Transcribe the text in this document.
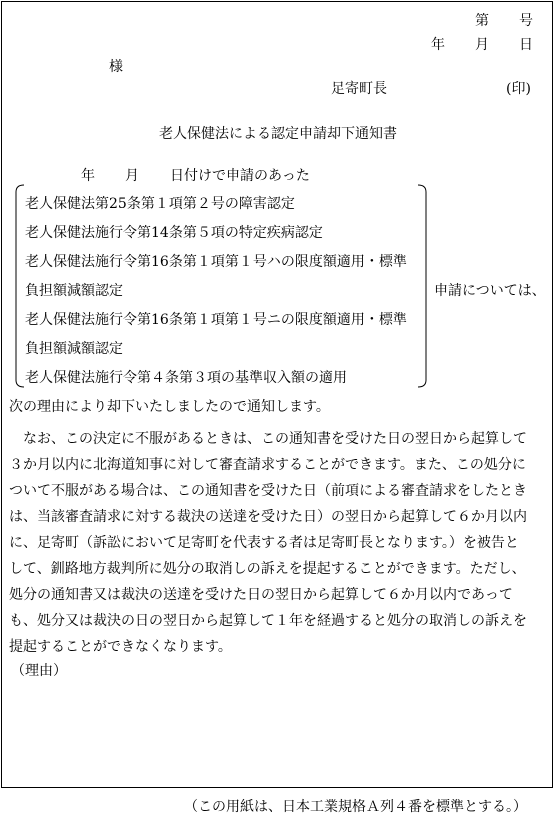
第 号
年 月 日
様
足寄町長	(印)
老人保健法による認定申請却下通知書
年 月 日付けで申請のあった
老人保健法第25条第１項第２号の障害認定
老人保健法施行令第14条第５項の特定疾病認定
老人保健法施行令第16条第１項第１号ハの限度額適用・標準
負担額減額認定
老人保健法施行令第16条第１項第１号ニの限度額適用・標準
負担額減額認定
老人保健法施行令第４条第３項の基準収入額の適用
申請については、
次の理由により却下いたしましたので通知します。
なお、この決定に不服があるときは、この通知書を受けた日の翌日から起算して
３か月以内に北海道知事に対して審査請求することができます。また、この処分に
ついて不服がある場合は、この通知書を受けた日（前項による審査請求をしたとき
は、当該審査請求に対する裁決の送達を受けた日）の翌日から起算して６か月以内
に、足寄町（訴訟において足寄町を代表する者は足寄町長となります。）を被告と
して、釧路地方裁判所に処分の取消しの訴えを提起することができます。ただし、
処分の通知書又は裁決の送達を受けた日の翌日から起算して６か月以内であって
も、処分又は裁決の日の翌日から起算して１年を経過すると処分の取消しの訴えを
提起することができなくなります。
（理由）
（この用紙は、日本工業規格Ａ列４番を標準とする。）
